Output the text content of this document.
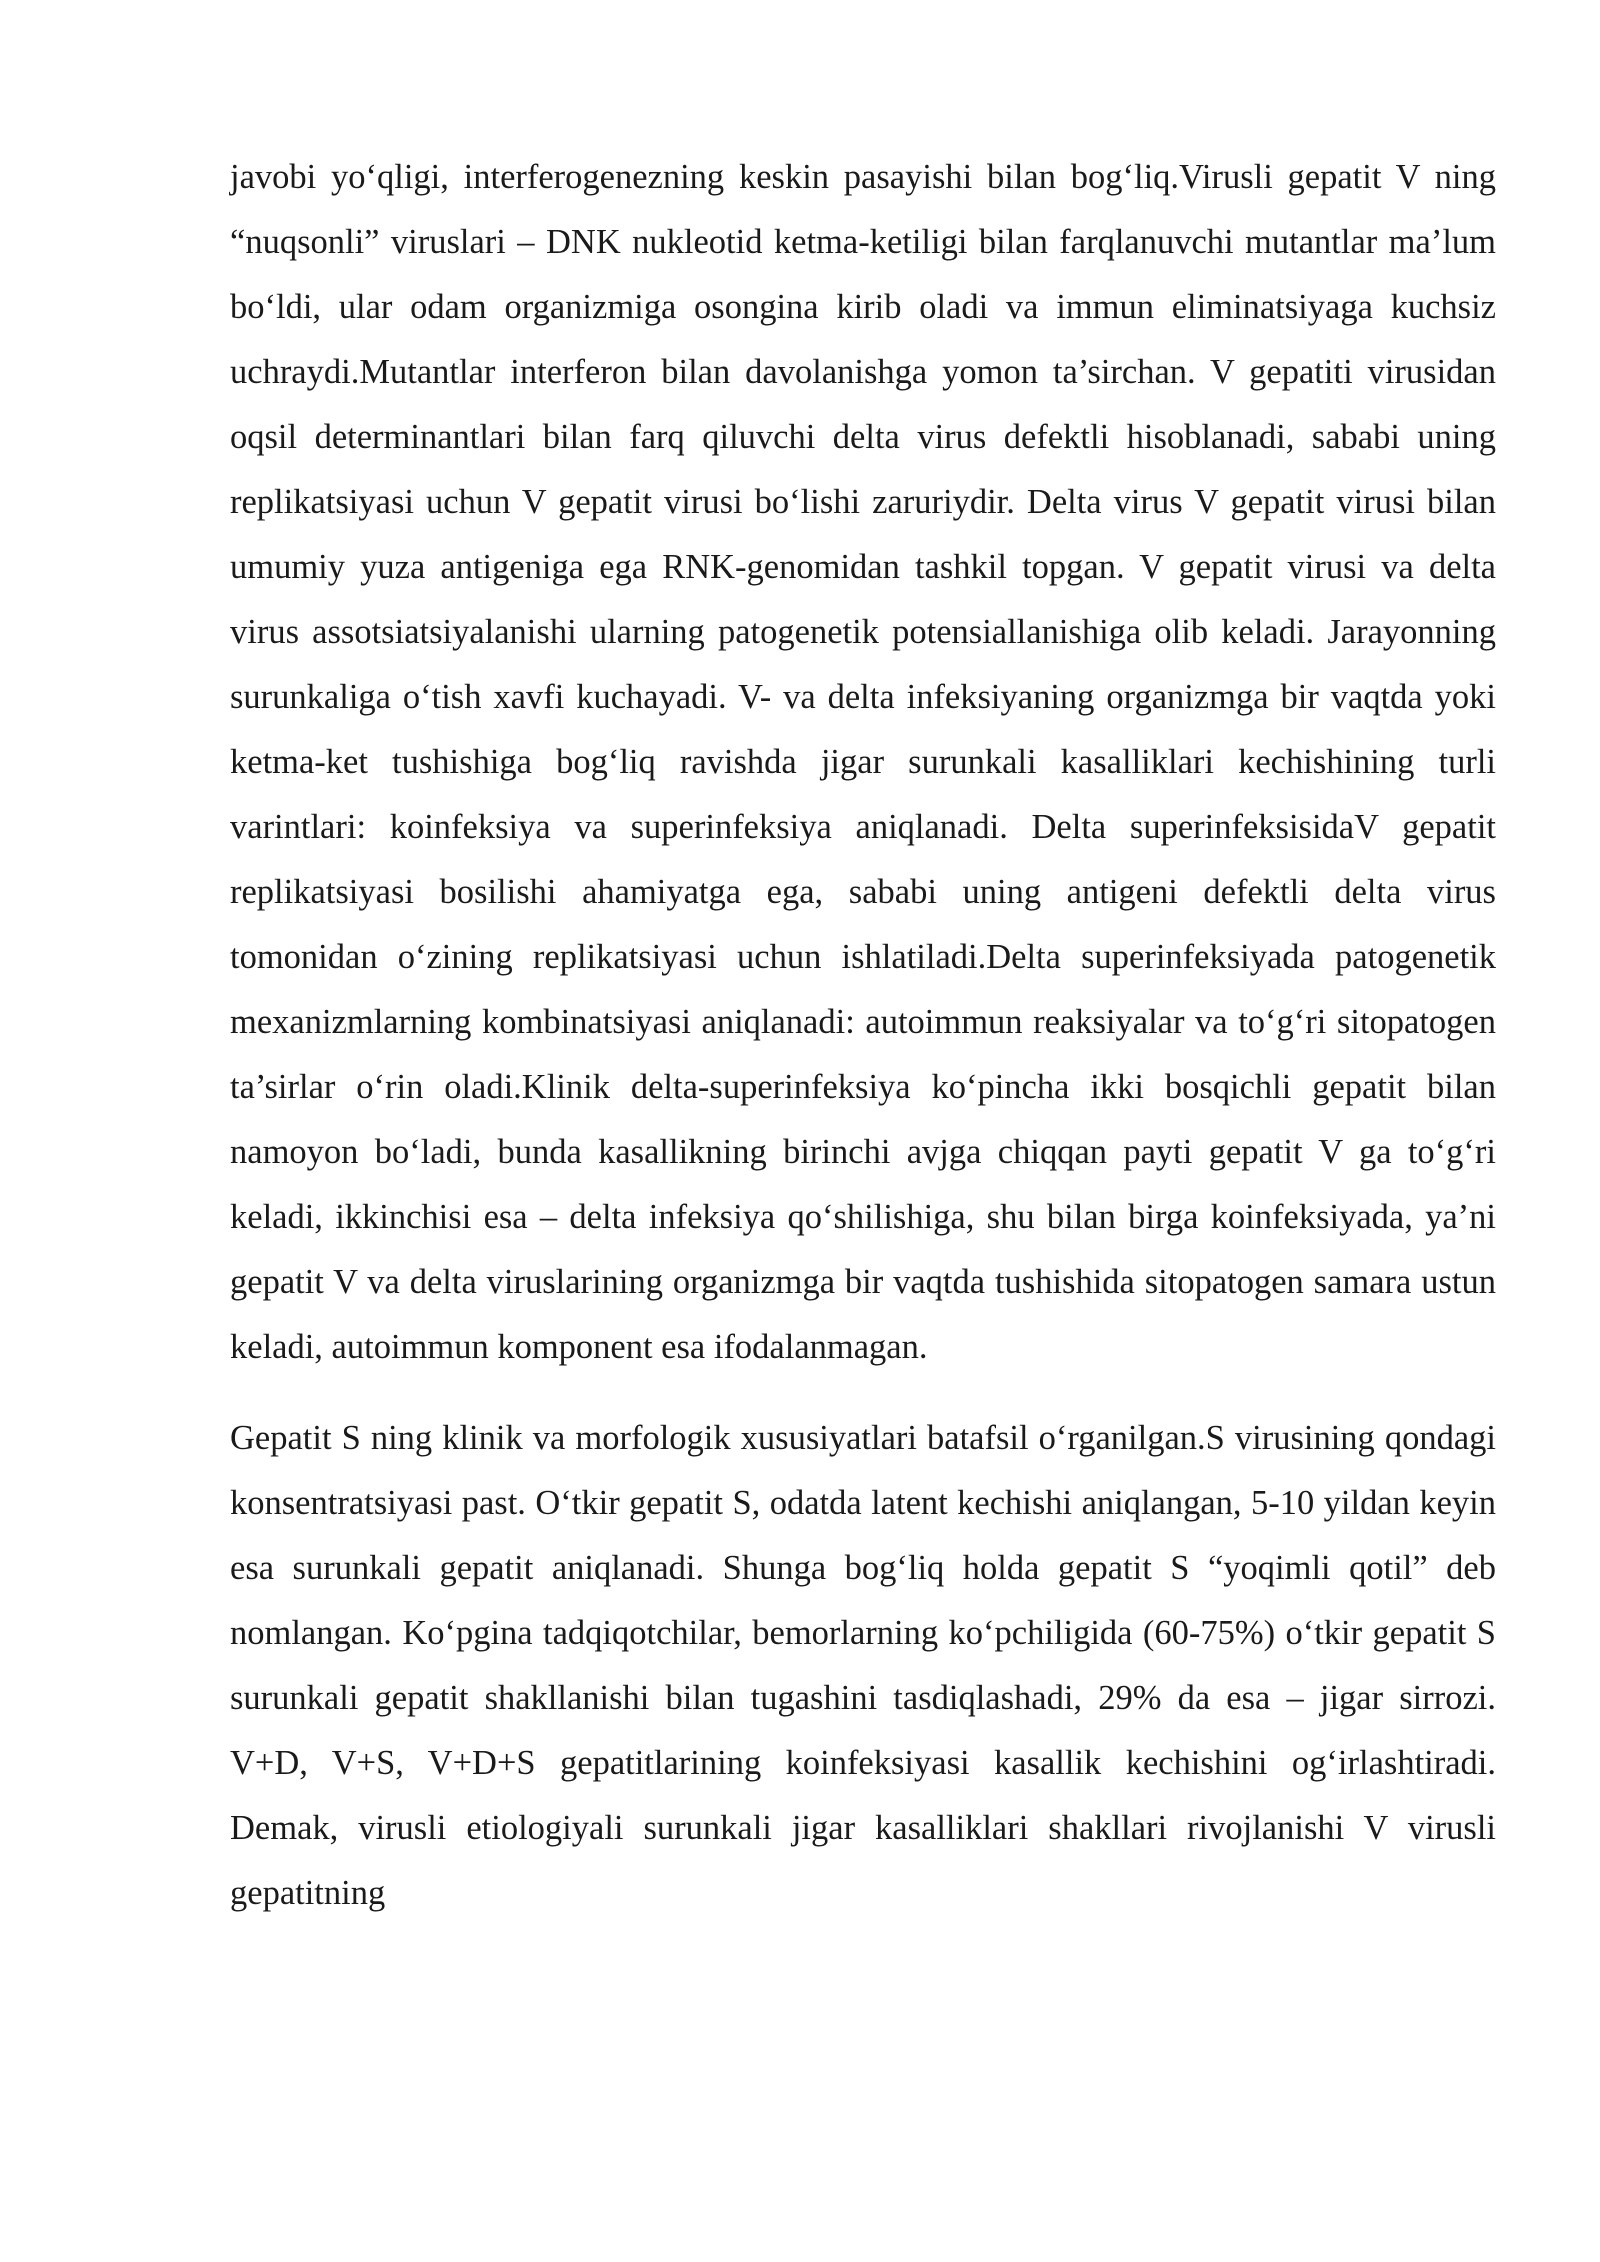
javobi yo‘qligi, interferogenezning keskin pasayishi bilan bog‘liq.Virusli gepatit V ning “nuqsonli” viruslari – DNK nukleotid ketma-ketiligi bilan farqlanuvchi mutantlar ma’lum bo‘ldi, ular odam organizmiga osongina kirib oladi va immun eliminatsiyaga kuchsiz uchraydi.Mutantlar interferon bilan davolanishga yomon ta’sirchan. V gepatiti virusidan oqsil determinantlari bilan farq qiluvchi delta virus defektli hisoblanadi, sababi uning replikatsiyasi uchun V gepatit virusi bo‘lishi zaruriydir. Delta virus V gepatit virusi bilan umumiy yuza antigeniga ega RNK-genomidan tashkil topgan. V gepatit virusi va delta virus assotsiatsiyalanishi ularning patogenetik potensiallanishiga olib keladi. Jarayonning surunkaliga o‘tish xavfi kuchayadi. V- va delta infeksiyaning organizmga bir vaqtda yoki ketma-ket tushishiga bog‘liq ravishda jigar surunkali kasalliklari kechishining turli varintlari: koinfeksiya va superinfeksiya aniqlanadi. Delta superinfeksisidaV gepatit replikatsiyasi bosilishi ahamiyatga ega, sababi uning antigeni defektli delta virus tomonidan o‘zining replikatsiyasi uchun ishlatiladi.Delta superinfeksiyada patogenetik mexanizmlarning kombinatsiyasi aniqlanadi: autoimmun reaksiyalar va to‘g‘ri sitopatogen ta’sirlar o‘rin oladi.Klinik delta-superinfeksiya ko‘pincha ikki bosqichli gepatit bilan namoyon bo‘ladi, bunda kasallikning birinchi avjga chiqqan payti gepatit V ga to‘g‘ri keladi, ikkinchisi esa – delta infeksiya qo‘shilishiga, shu bilan birga koinfeksiyada, ya’ni gepatit V va delta viruslarining organizmga bir vaqtda tushishida sitopatogen samara ustun keladi, autoimmun komponent esa ifodalanmagan.

Gepatit S ning klinik va morfologik xususiyatlari batafsil o‘rganilgan.S virusining qondagi konsentratsiyasi past. O‘tkir gepatit S, odatda latent kechishi aniqlangan, 5-10 yildan keyin esa surunkali gepatit aniqlanadi. Shunga bog‘liq holda gepatit S “yoqimli qotil” deb nomlangan. Ko‘pgina tadqiqotchilar, bemorlarning ko‘pchiligida (60-75%) o‘tkir gepatit S surunkali gepatit shakllanishi bilan tugashini tasdiqlashadi, 29% da esa – jigar sirrozi. V+D, V+S, V+D+S gepatitlarining koinfeksiyasi kasallik kechishini og‘irlashtiradi. Demak, virusli etiologiyali surunkali jigar kasalliklari shakllari rivojlanishi V virusli gepatitning
